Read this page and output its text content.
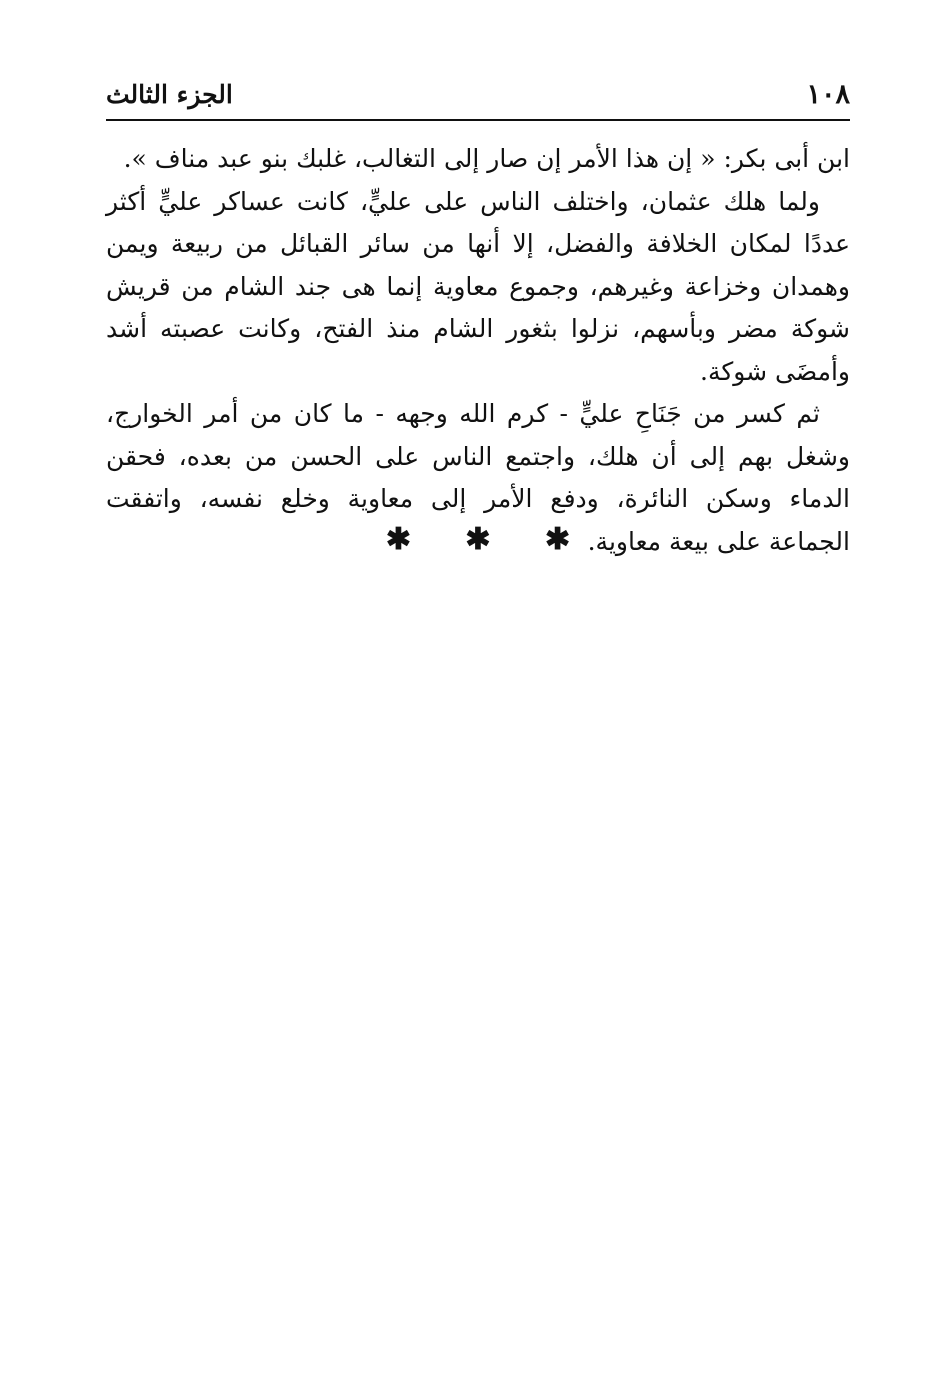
١٠٨
الجزء الثالث

ابن أبى بكر: « إن هذا الأمر إن صار إلى التغالب، غلبك بنو عبد مناف ».

ولما هلك عثمان، واختلف الناس على عليٍّ، كانت عساكر عليٍّ أكثر عددًا لمكان الخلافة والفضل، إلا أنها من سائر القبائل من ربيعة ويمن وهمدان وخزاعة وغيرهم، وجموع معاوية إنما هى جند الشام من قريش شوكة مضر وبأسهم، نزلوا بثغور الشام منذ الفتح، وكانت عصبته أشد وأمضَى شوكة.

ثم كسر من جَنَاحِ عليٍّ - كرم الله وجهه - ما كان من أمر الخوارج، وشغل بهم إلى أن هلك، واجتمع الناس على الحسن من بعده، فحقن الدماء وسكن النائرة، ودفع الأمر إلى معاوية وخلع نفسه، واتفقت الجماعة على بيعة معاوية.

✱ ✱ ✱
